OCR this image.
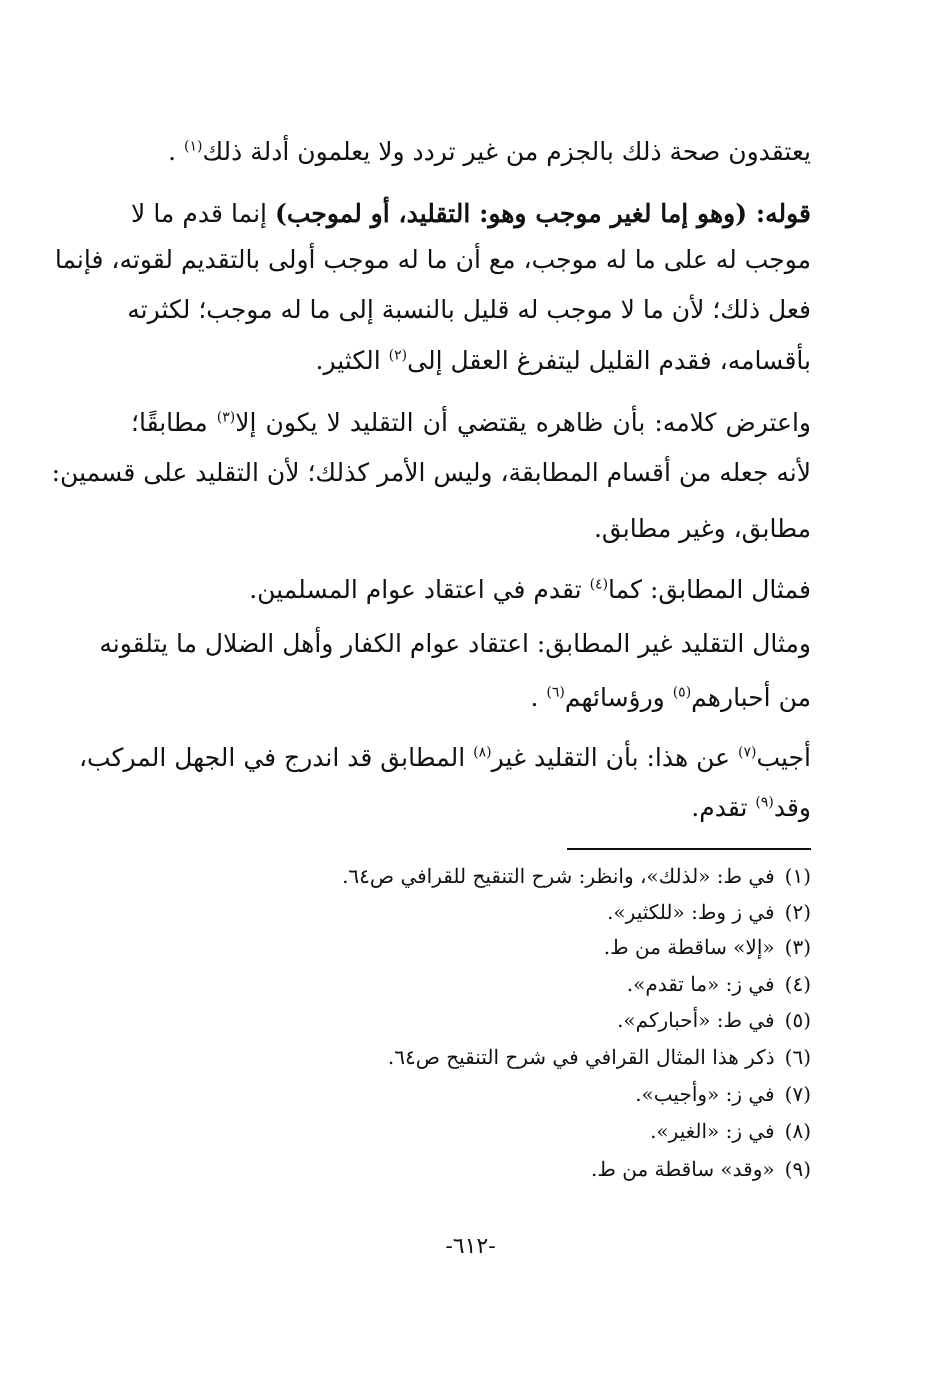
يعتقدون صحة ذلك بالجزم من غير تردد ولا يعلمون أدلة ذلك$^{(١)}$ .
قوله: (وهو إما لغير موجب وهو: التقليد، أو لموجب) إنما قدم ما لا
موجب له على ما له موجب، مع أن ما له موجب أولى بالتقديم لقوته، فإنما
فعل ذلك؛ لأن ما لا موجب له قليل بالنسبة إلى ما له موجب؛ لكثرته
بأقسامه، فقدم القليل ليتفرغ العقل إلى$^{(٢)}$ الكثير.
واعترض كلامه: بأن ظاهره يقتضي أن التقليد لا يكون إلا$^{(٣)}$ مطابقًا؛
لأنه جعله من أقسام المطابقة، وليس الأمر كذلك؛ لأن التقليد على قسمين:
مطابق، وغير مطابق.
فمثال المطابق: كما$^{(٤)}$ تقدم في اعتقاد عوام المسلمين.
ومثال التقليد غير المطابق: اعتقاد عوام الكفار وأهل الضلال ما يتلقونه
من أحبارهم$^{(٥)}$ ورؤسائهم$^{(٦)}$ .
أجيب$^{(٧)}$ عن هذا: بأن التقليد غير$^{(٨)}$ المطابق قد اندرج في الجهل المركب،
وقد$^{(٩)}$ تقدم.
(١)في ط: «لذلك»، وانظر: شرح التنقيح للقرافي ص٦٤.
(٢)في ز وط: «للكثير».
(٣)«إلا» ساقطة من ط.
(٤)في ز: «ما تقدم».
(٥)في ط: «أحباركم».
(٦)ذكر هذا المثال القرافي في شرح التنقيح ص٦٤.
(٧)في ز: «وأجيب».
(٨)في ز: «الغير».
(٩)«وقد» ساقطة من ط.
-٦١٢-
